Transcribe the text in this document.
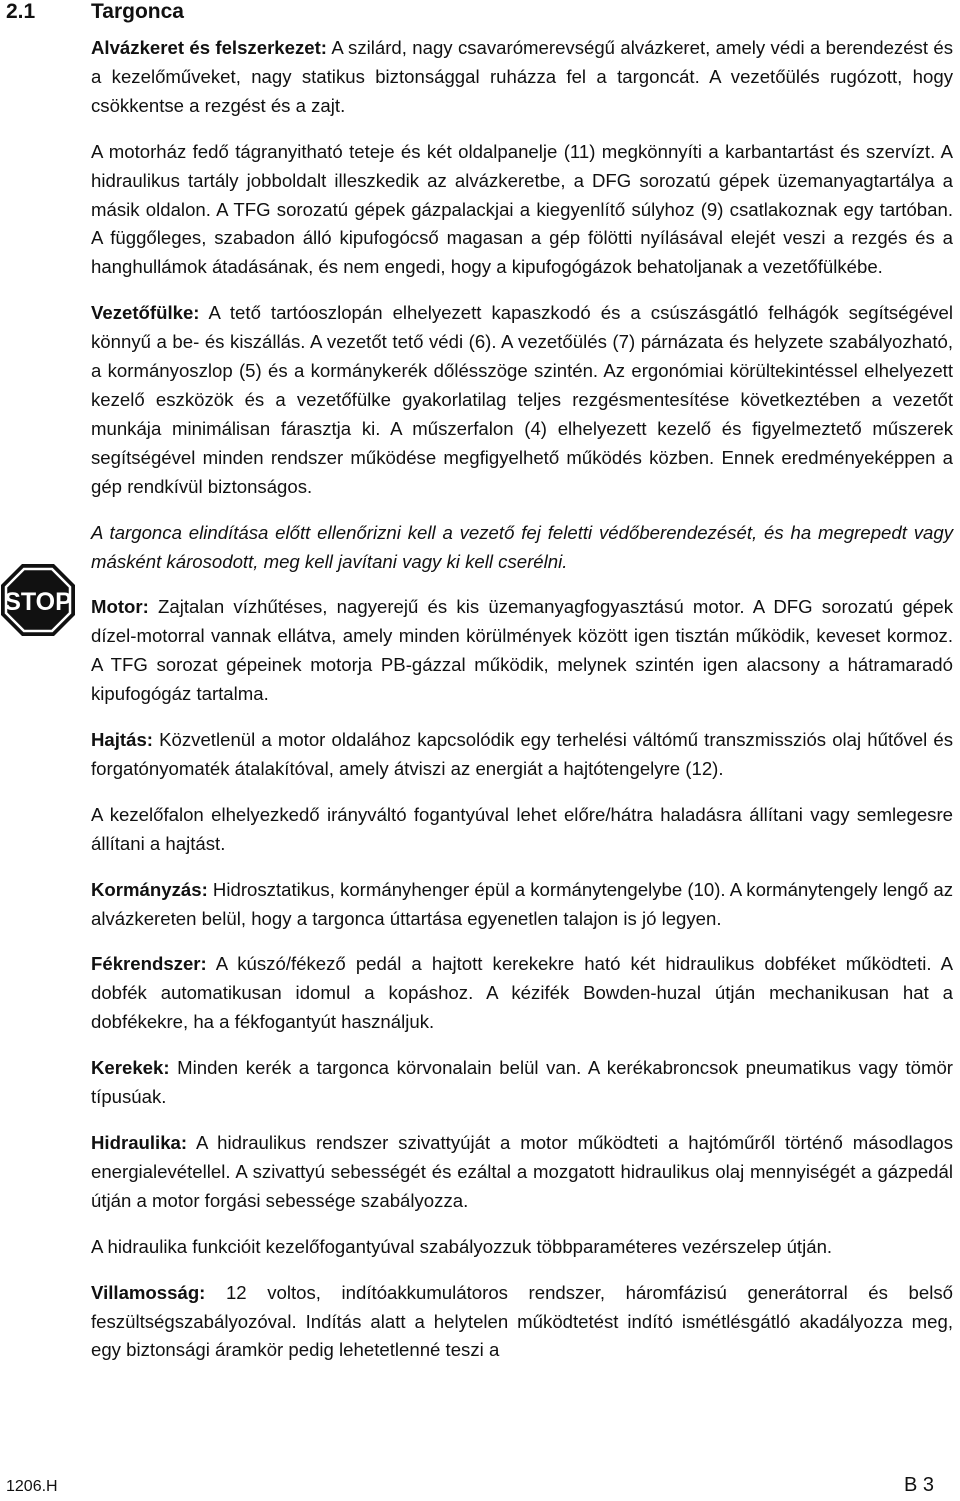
2.1	Targonca
STOP

Alvázkeret és felszerkezet: A szilárd, nagy csavarómerevségű alvázkeret, amely védi a berendezést és a kezelőműveket, nagy statikus biztonsággal ruházza fel a targoncát. A vezetőülés rugózott, hogy csökkentse a rezgést és a zajt.

A motorház fedő tágranyitható teteje és két oldalpanelje (11) megkönnyíti a karbantartást és szervízt. A hidraulikus tartály jobboldalt illeszkedik az alvázkeretbe, a DFG sorozatú gépek üzemanyagtartálya a másik oldalon. A TFG sorozatú gépek gázpalackjai a kiegyenlítő súlyhoz (9) csatlakoznak egy tartóban. A függőleges, szabadon álló kipufogócső magasan a gép fölötti nyílásával elejét veszi a rezgés és a hanghullámok átadásának, és nem engedi, hogy a kipufogógázok behatoljanak a vezetőfülkébe.

Vezetőfülke: A tető tartóoszlopán elhelyezett kapaszkodó és a csúszásgátló felhágók segítségével könnyű a be- és kiszállás. A vezetőt tető védi (6). A vezetőülés (7) párnázata és helyzete szabályozható, a kormányoszlop (5) és a kormánykerék dőlésszöge szintén. Az ergonómiai körültekintéssel elhelyezett kezelő eszközök és a vezetőfülke gyakorlatilag teljes rezgésmentesítése következtében a vezetőt munkája minimálisan fárasztja ki. A műszerfalon (4) elhelyezett kezelő és figyelmeztető műszerek segítségével minden rendszer működése megfigyelhető működés közben. Ennek eredményeképpen a gép rendkívül biztonságos.

A targonca elindítása előtt ellenőrizni kell a vezető fej feletti védőberendezését, és ha megrepedt vagy másként károsodott, meg kell javítani vagy ki kell cserélni.

Motor: Zajtalan vízhűtéses, nagyerejű és kis üzemanyagfogyasztású motor. A DFG sorozatú gépek dízel-motorral vannak ellátva, amely minden körülmények között igen tisztán működik, keveset kormoz. A TFG sorozat gépeinek motorja PB-gázzal működik, melynek szintén igen alacsony a hátramaradó kipufogógáz tartalma.

Hajtás: Közvetlenül a motor oldalához kapcsolódik egy terhelési váltómű transzmissziós olaj hűtővel és forgatónyomaték átalakítóval, amely átviszi az energiát a hajtótengelyre (12).

A kezelőfalon elhelyezkedő irányváltó fogantyúval lehet előre/hátra haladásra állítani vagy semlegesre állítani a hajtást.

Kormányzás: Hidrosztatikus, kormányhenger épül a kormánytengelybe (10). A kormánytengely lengő az alvázkereten belül, hogy a targonca úttartása egyenetlen talajon is jó legyen.

Fékrendszer: A kúszó/fékező pedál a hajtott kerekekre ható két hidraulikus dobféket működteti. A dobfék automatikusan idomul a kopáshoz. A kézifék Bowden-huzal útján mechanikusan hat a dobfékekre, ha a fékfogantyút használjuk.

Kerekek: Minden kerék a targonca körvonalain belül van. A kerékabroncsok pneumatikus vagy tömör típusúak.

Hidraulika: A hidraulikus rendszer szivattyúját a motor működteti a hajtóműről történő másodlagos energialevétellel. A szivattyú sebességét és ezáltal a mozgatott hidraulikus olaj mennyiségét a gázpedál útján a motor forgási sebessége szabályozza.

A hidraulika funkcióit kezelőfogantyúval szabályozzuk többparaméteres vezérszelep útján.

Villamosság: 12 voltos, indítóakkumulátoros rendszer, háromfázisú generátorral és belső feszültségszabályozóval. Indítás alatt a helytelen működtetést indító ismétlésgátló akadályozza meg, egy biztonsági áramkör pedig lehetetlenné teszi a

1206.H	B 3
